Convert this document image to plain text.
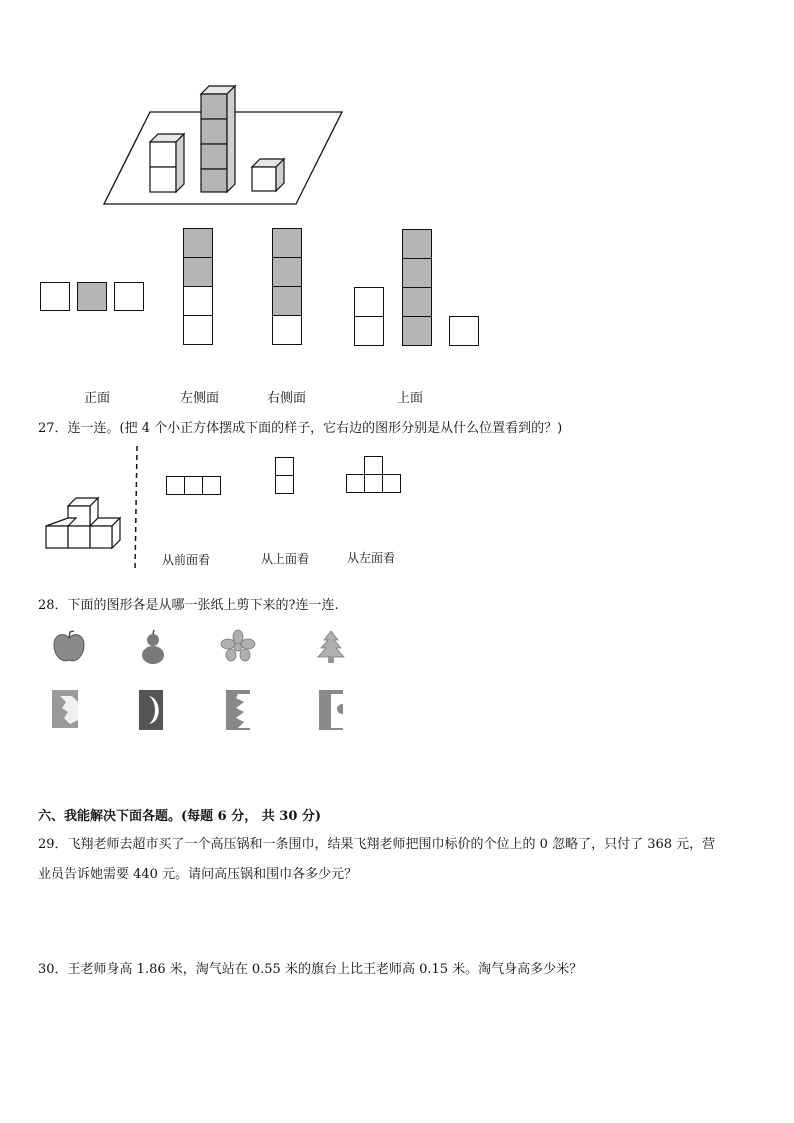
正面	左侧面	右侧面	上面
27．连一连。(把 4 个小正方体摆成下面的样子，它右边的图形分别是从什么位置看到的？)
从前面看	从上面看	从左面看
28．下面的图形各是从哪一张纸上剪下来的?连一连.
六、我能解决下面各题。(每题 6 分， 共 30 分)
29．飞翔老师去超市买了一个高压锅和一条围巾，结果飞翔老师把围巾标价的个位上的 0 忽略了，只付了 368 元，营
业员告诉她需要 440 元。请问高压锅和围巾各多少元？
30．王老师身高 1.86 米，淘气站在 0.55 米的旗台上比王老师高 0.15 米。淘气身高多少米？
